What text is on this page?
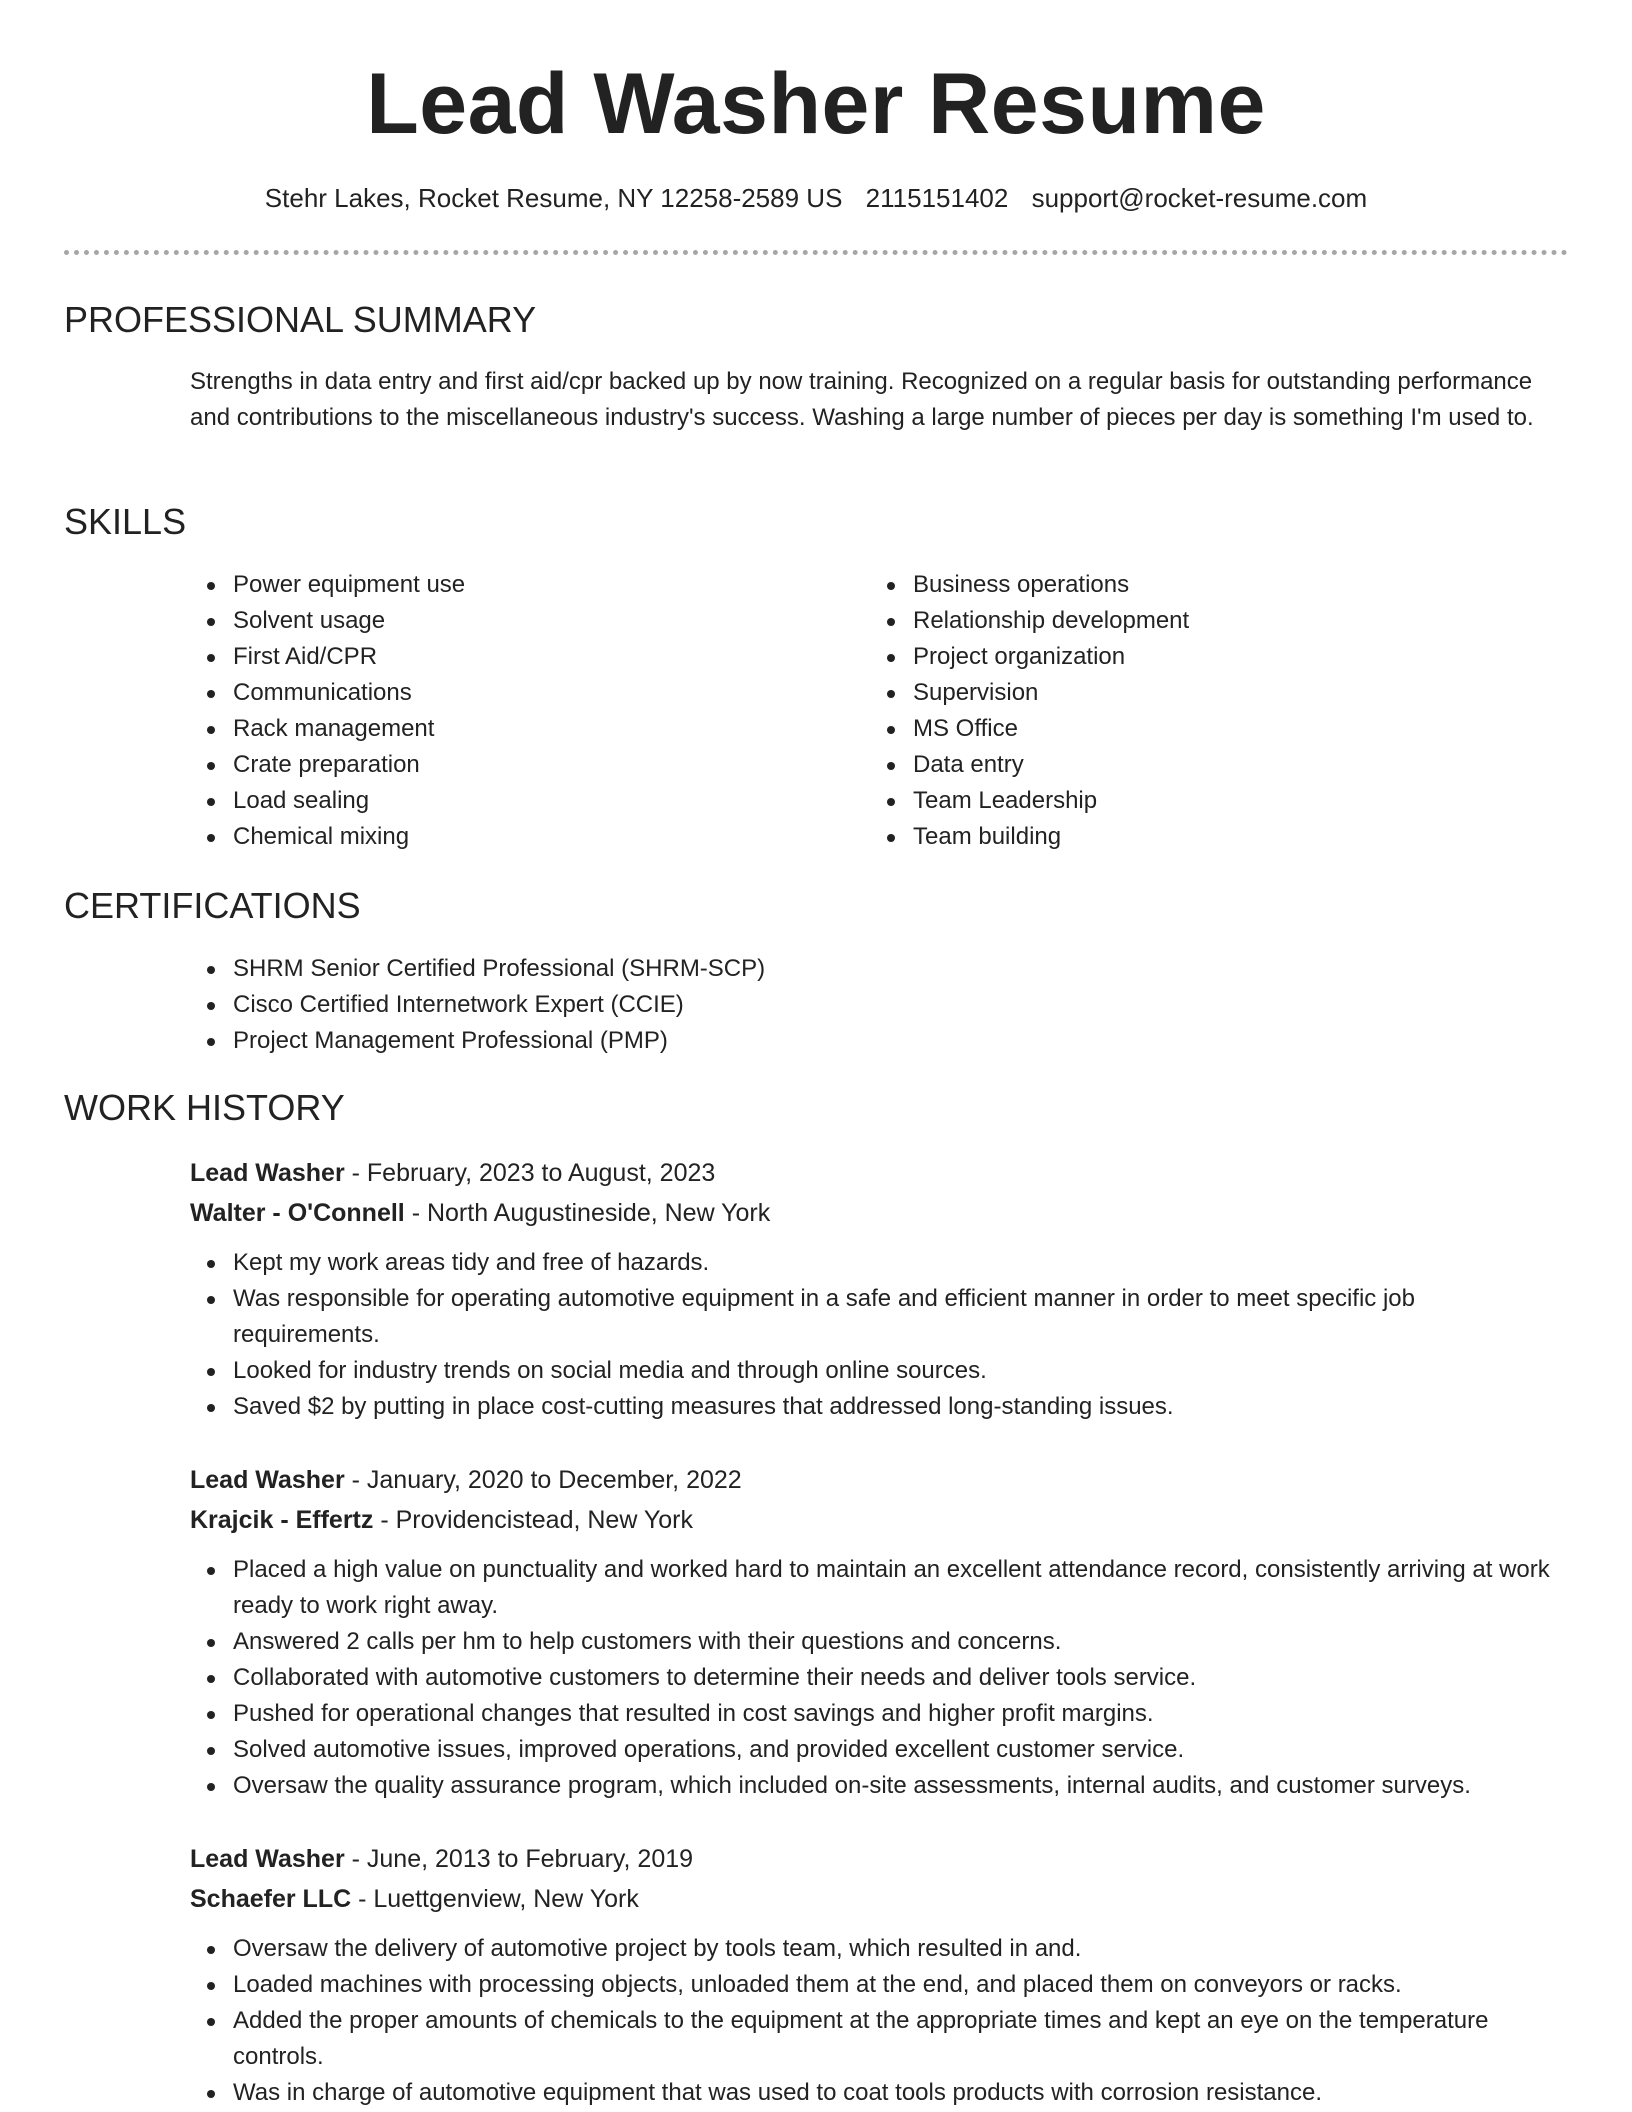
Lead Washer Resume
Stehr Lakes, Rocket Resume, NY 12258-2589 US 2115151402 support@rocket-resume.com
PROFESSIONAL SUMMARY

Strengths in data entry and first aid/cpr backed up by now training. Recognized on a regular basis for outstanding performance and contributions to the miscellaneous industry's success. Washing a large number of pieces per day is something I'm used to.

SKILLS
Power equipment use
Solvent usage
First Aid/CPR
Communications
Rack management
Crate preparation
Load sealing
Chemical mixing
Business operations
Relationship development
Project organization
Supervision
MS Office
Data entry
Team Leadership
Team building
CERTIFICATIONS
SHRM Senior Certified Professional (SHRM-SCP)
Cisco Certified Internetwork Expert (CCIE)
Project Management Professional (PMP)
WORK HISTORY

Lead Washer - February, 2023 to August, 2023

Walter - O'Connell - North Augustineside, New York

Kept my work areas tidy and free of hazards.
Was responsible for operating automotive equipment in a safe and efficient manner in order to meet specific job requirements.
Looked for industry trends on social media and through online sources.
Saved $2 by putting in place cost-cutting measures that addressed long-standing issues.

Lead Washer - January, 2020 to December, 2022

Krajcik - Effertz - Providencistead, New York

Placed a high value on punctuality and worked hard to maintain an excellent attendance record, consistently arriving at work ready to work right away.
Answered 2 calls per hm to help customers with their questions and concerns.
Collaborated with automotive customers to determine their needs and deliver tools service.
Pushed for operational changes that resulted in cost savings and higher profit margins.
Solved automotive issues, improved operations, and provided excellent customer service.
Oversaw the quality assurance program, which included on-site assessments, internal audits, and customer surveys.

Lead Washer - June, 2013 to February, 2019

Schaefer LLC - Luettgenview, New York

Oversaw the delivery of automotive project by tools team, which resulted in and.
Loaded machines with processing objects, unloaded them at the end, and placed them on conveyors or racks.
Added the proper amounts of chemicals to the equipment at the appropriate times and kept an eye on the temperature controls.
Was in charge of automotive equipment that was used to coat tools products with corrosion resistance.
